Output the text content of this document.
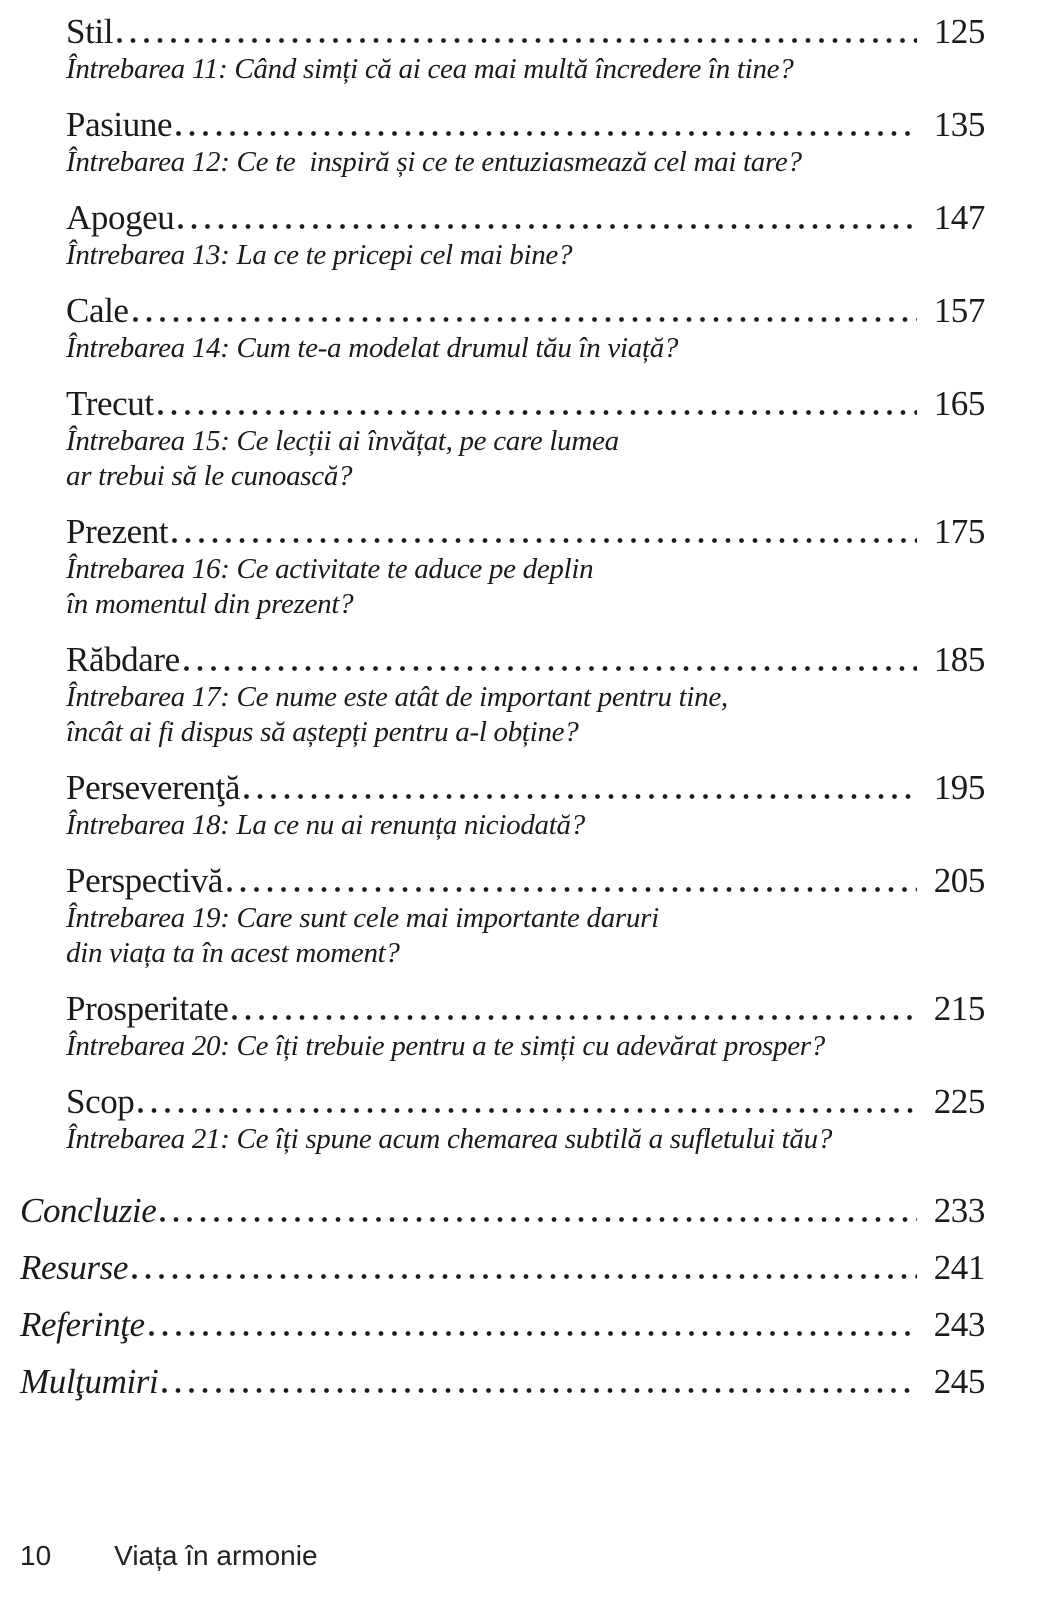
Stil	125
Întrebarea 11: Când simți că ai cea mai multă încredere în tine?
Pasiune	135
Întrebarea 12: Ce te  inspiră și ce te entuziasmează cel mai tare?
Apogeu	147
Întrebarea 13: La ce te pricepi cel mai bine?
Cale	157
Întrebarea 14: Cum te-a modelat drumul tău în viață?
Trecut	165
Întrebarea 15: Ce lecții ai învățat, pe care lumea
ar trebui să le cunoască?
Prezent	175
Întrebarea 16: Ce activitate te aduce pe deplin
în momentul din prezent?
Răbdare	185
Întrebarea 17: Ce nume este atât de important pentru tine,
încât ai fi dispus să aștepți pentru a-l obține?
Perseverenţă	195
Întrebarea 18: La ce nu ai renunța niciodată?
Perspectivă	205
Întrebarea 19: Care sunt cele mai importante daruri
din viața ta în acest moment?
Prosperitate	215
Întrebarea 20: Ce îți trebuie pentru a te simți cu adevărat prosper?
Scop	225
Întrebarea 21: Ce îți spune acum chemarea subtilă a sufletului tău?
Concluzie	233
Resurse	241
Referinţe	243
Mulţumiri	245
10 Viața în armonie
